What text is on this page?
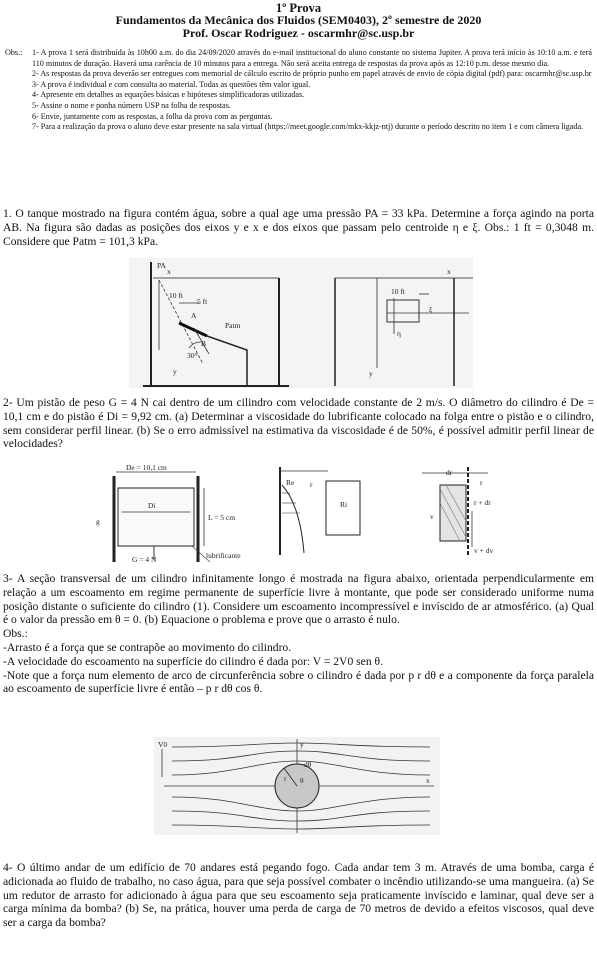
1º Prova
Fundamentos da Mecânica dos Fluidos (SEM0403), 2º semestre de 2020
Prof. Oscar Rodriguez - oscarmhr@sc.usp.br
Obs.: 1- A prova 1 será distribuída às 10h00 a.m. do dia 24/09/2020 através do e-mail institucional do aluno constante no sistema Jupiter. A prova terá início às 10:10 a.m. e terá 110 minutos de duração. Haverá uma carência de 10 minutos para a entrega. Não será aceita entrega de respostas da prova após as 12:10 p.m. desse mesmo dia.

2- As respostas da prova deverão ser entregues com memorial de cálculo escrito de próprio punho em papel através de envio de cópia digital (pdf) para: oscarmhr@sc.usp.br

3- A prova é individual e com consulta ao material. Todas as questões têm valor igual.

4- Apresente em detalhes as equações básicas e hipóteses simplificadoras utilizadas.

5- Assine o nome e ponha número USP na folha de respostas.

6- Envie, juntamente com as respostas, a folha da prova com as perguntas.

7- Para a realização da prova o aluno deve estar presente na sala virtual (https://meet.google.com/mkx-kkjz-ntj) durante o período descrito no item 1 e com câmera ligada.

1. O tanque mostrado na figura contém água, sobre a qual age uma pressão PA = 33 kPa. Determine a força agindo na porta AB. Na figura são dadas as posições dos eixos y e x e dos eixos que passam pelo centroide η e ξ. Obs.: 1 ft = 0,3048 m. Considere que Patm = 101,3 kPa.

PA
x
10 ft
5 ft
A
B
Patm
30°
y
x
10 ft
ξ
η
y

2- Um pistão de peso G = 4 N cai dentro de um cilindro com velocidade constante de 2 m/s. O diâmetro do cilindro é De = 10,1 cm e do pistão é Di = 9,92 cm. (a) Determinar a viscosidade do lubrificante colocado na folga entre o pistão e o cilindro, sem considerar perfil linear. (b) Se o erro admissível na estimativa da viscosidade é de 50%, é possível admitir perfil linear de velocidades?

De = 10,1 cm
Di
L = 5 cm
lubrificante
g
G = 4 N
Re r
Ri
dr
r
r + dr
v
v + dv

3- A seção transversal de um cilindro infinitamente longo é mostrada na figura abaixo, orientada perpendicularmente em relação a um escoamento em regime permanente de superfície livre à montante, que pode ser considerado uniforme numa posição distante o suficiente do cilindro (1). Considere um escoamento incompressível e invíscido de ar atmosférico. (a) Qual é o valor da pressão em θ = 0. (b) Equacione o problema e prove que o arrasto é nulo.

Obs.:

-Arrasto é a força que se contrapõe ao movimento do cilindro.

-A velocidade do escoamento na superfície do cilindro é dada por: V = 2V0 sen θ.

-Note que a força num elemento de arco de circunferência sobre o cilindro é dada por p r dθ e a componente da força paralela ao escoamento de superfície livre é então – p r dθ cos θ.

V0	y
x
r
dθ
θ

4- O último andar de um edifício de 70 andares está pegando fogo. Cada andar tem 3 m. Através de uma bomba, carga é adicionada ao fluido de trabalho, no caso água, para que seja possível combater o incêndio utilizando-se uma mangueira. (a) Se um redutor de arrasto for adicionado à água para que seu escoamento seja praticamente invíscido e laminar, qual deve ser a carga mínima da bomba? (b) Se, na prática, houver uma perda de carga de 70 metros de devido a efeitos viscosos, qual deve ser a carga da bomba?
